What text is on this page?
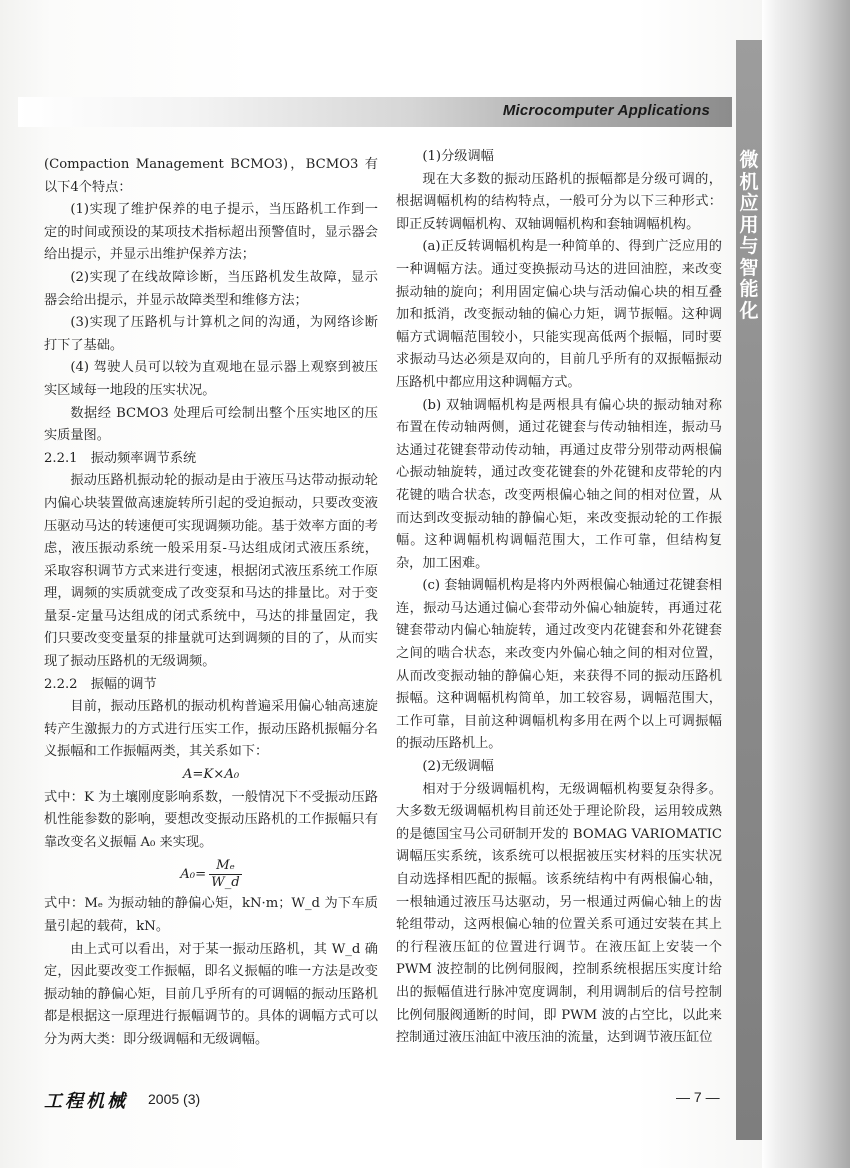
Microcomputer Applications
微机应用与智能化

(Compaction Management BCMO3)，BCMO3 有以下4个特点：

(1)实现了维护保养的电子提示，当压路机工作到一定的时间或预设的某项技术指标超出预警值时，显示器会给出提示，并显示出维护保养方法；

(2)实现了在线故障诊断，当压路机发生故障，显示器会给出提示，并显示故障类型和维修方法；

(3)实现了压路机与计算机之间的沟通，为网络诊断打下了基础。

(4) 驾驶人员可以较为直观地在显示器上观察到被压实区域每一地段的压实状况。

数据经 BCMO3 处理后可绘制出整个压实地区的压实质量图。

2.2.1　振动频率调节系统

振动压路机振动轮的振动是由于液压马达带动振动轮内偏心块装置做高速旋转所引起的受迫振动，只要改变液压驱动马达的转速便可实现调频功能。基于效率方面的考虑，液压振动系统一般采用泵-马达组成闭式液压系统，采取容积调节方式来进行变速，根据闭式液压系统工作原理，调频的实质就变成了改变泵和马达的排量比。对于变量泵-定量马达组成的闭式系统中，马达的排量固定，我们只要改变变量泵的排量就可达到调频的目的了，从而实现了振动压路机的无级调频。

2.2.2　振幅的调节

目前，振动压路机的振动机构普遍采用偏心轴高速旋转产生激振力的方式进行压实工作，振动压路机振幅分名义振幅和工作振幅两类，其关系如下：

A=K×A₀

式中：K 为土壤刚度影响系数，一般情况下不受振动压路机性能参数的影响，要想改变振动压路机的工作振幅只有靠改变名义振幅 A₀ 来实现。

$A_0= \frac{\text{Mₑ}}{W\_d}$

式中：Mₑ 为振动轴的静偏心矩，kN·m；W_d 为下车质量引起的载荷，kN。

由上式可以看出，对于某一振动压路机，其 W_d 确定，因此要改变工作振幅，即名义振幅的唯一方法是改变振动轴的静偏心矩，目前几乎所有的可调幅的振动压路机都是根据这一原理进行振幅调节的。具体的调幅方式可以分为两大类：即分级调幅和无级调幅。

(1)分级调幅

现在大多数的振动压路机的振幅都是分级可调的，根据调幅机构的结构特点，一般可分为以下三种形式：即正反转调幅机构、双轴调幅机构和套轴调幅机构。

(a)正反转调幅机构是一种简单的、得到广泛应用的一种调幅方法。通过变换振动马达的进回油腔，来改变振动轴的旋向；利用固定偏心块与活动偏心块的相互叠加和抵消，改变振动轴的偏心力矩，调节振幅。这种调幅方式调幅范围较小，只能实现高低两个振幅，同时要求振动马达必须是双向的，目前几乎所有的双振幅振动压路机中都应用这种调幅方式。

(b) 双轴调幅机构是两根具有偏心块的振动轴对称布置在传动轴两侧，通过花键套与传动轴相连，振动马达通过花键套带动传动轴，再通过皮带分别带动两根偏心振动轴旋转，通过改变花键套的外花键和皮带轮的内花键的啮合状态，改变两根偏心轴之间的相对位置，从而达到改变振动轴的静偏心矩，来改变振动轮的工作振幅。这种调幅机构调幅范围大，工作可靠，但结构复杂，加工困难。

(c) 套轴调幅机构是将内外两根偏心轴通过花键套相连，振动马达通过偏心套带动外偏心轴旋转，再通过花键套带动内偏心轴旋转，通过改变内花键套和外花键套之间的啮合状态，来改变内外偏心轴之间的相对位置，从而改变振动轴的静偏心矩，来获得不同的振动压路机振幅。这种调幅机构简单，加工较容易，调幅范围大，工作可靠，目前这种调幅机构多用在两个以上可调振幅的振动压路机上。

(2)无级调幅

相对于分级调幅机构，无级调幅机构要复杂得多。大多数无级调幅机构目前还处于理论阶段，运用较成熟的是德国宝马公司研制开发的 BOMAG VARIOMATIC 调幅压实系统，该系统可以根据被压实材料的压实状况自动选择相匹配的振幅。该系统结构中有两根偏心轴，一根轴通过液压马达驱动，另一根通过两偏心轴上的齿轮组带动，这两根偏心轴的位置关系可通过安装在其上的行程液压缸的位置进行调节。在液压缸上安装一个 PWM 波控制的比例伺服阀，控制系统根据压实度计给出的振幅值进行脉冲宽度调制，利用调制后的信号控制比例伺服阀通断的时间，即 PWM 波的占空比，以此来控制通过液压油缸中液压油的流量，达到调节液压缸位

工程机械 2005 (3)	— 7 —
